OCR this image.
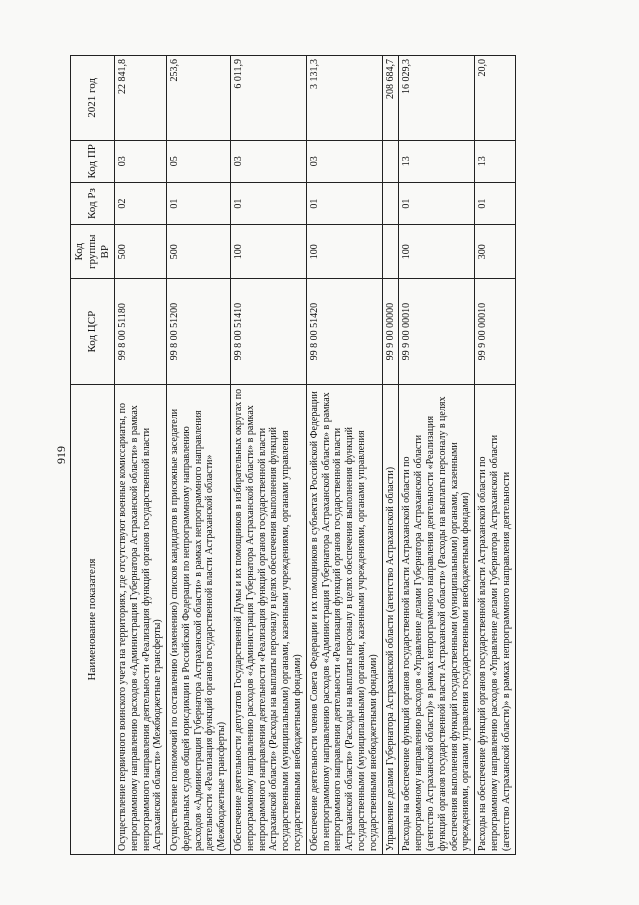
919
Наименование показателя	Код ЦСР	Код группы ВР	Код Рз	Код ПР	2021 год
Осуществление первичного воинского учета на территориях, где отсутствуют военные комиссариаты, по непрограммному направлению расходов «Администрация Губернатора Астраханской области» в рамках непрограммного направления деятельности «Реализация функций органов государственной власти Астраханской области» (Межбюджетные трансферты)	99 8 00 51180	500	02	03	22 841,8
Осуществление полномочий по составлению (изменению) списков кандидатов в присяжные заседатели федеральных судов общей юрисдикции в Российской Федерации по непрограммному направлению расходов «Администрация Губернатора Астраханской области» в рамках непрограммного направления деятельности «Реализация функций органов государственной власти Астраханской области» (Межбюджетные трансферты)	99 8 00 51200	500	01	05	253,6
Обеспечение деятельности депутатов Государственной Думы и их помощников в избирательных округах по непрограммному направлению расходов «Администрация Губернатора Астраханской области» в рамках непрограммного направления деятельности «Реализация функций органов государственной власти Астраханской области» (Расходы на выплаты персоналу в целях обеспечения выполнения функций государственными (муниципальными) органами, казенными учреждениями, органами управления государственными внебюджетными фондами)	99 8 00 51410	100	01	03	6 011,9
Обеспечение деятельности членов Совета Федерации и их помощников в субъектах Российской Федерации по непрограммному направлению расходов «Администрация Губернатора Астраханской области» в рамках непрограммного направления деятельности «Реализация функций органов государственной власти Астраханской области» (Расходы на выплаты персоналу в целях обеспечения выполнения функций государственными (муниципальными) органами, казенными учреждениями, органами управления государственными внебюджетными фондами)	99 8 00 51420	100	01	03	3 131,3
Управление делами Губернатора Астраханской области (агентство Астраханской области)	99 9 00 00000				208 684,7
Расходы на обеспечение функций органов государственной власти Астраханской области по непрограммному направлению расходов «Управление делами Губернатора Астраханской области (агентство Астраханской области)» в рамках непрограммного направления деятельности «Реализация функций органов государственной власти Астраханской области» (Расходы на выплаты персоналу в целях обеспечения выполнения функций государственными (муниципальными) органами, казенными учреждениями, органами управления государственными внебюджетными фондами)	99 9 00 00010	100	01	13	16 029,3
Расходы на обеспечение функций органов государственной власти Астраханской области по непрограммному направлению расходов «Управление делами Губернатора Астраханской области (агентство Астраханской области)» в рамках непрограммного направления деятельности	99 9 00 00010	300	01	13	20,0
